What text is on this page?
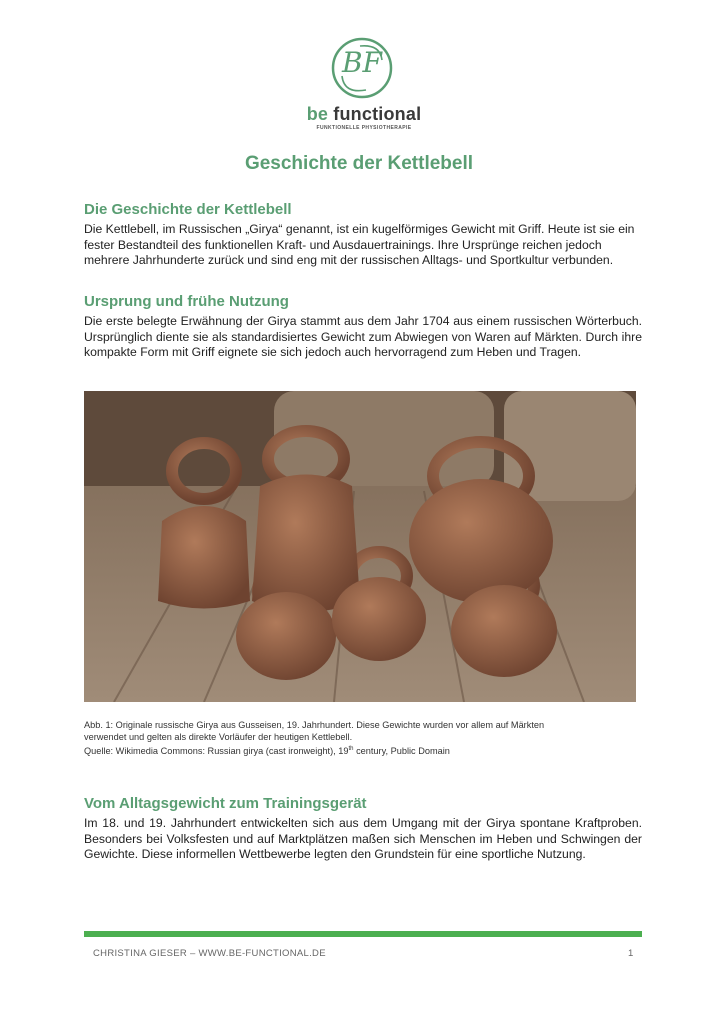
BF
be functional
FUNKTIONELLE PHYSIOTHERAPIE
Geschichte der Kettlebell
Die Geschichte der Kettlebell

Die Kettlebell, im Russischen „Girya“ genannt, ist ein kugelförmiges Gewicht mit Griff. Heute ist sie ein fester Bestandteil des funktionellen Kraft- und Ausdauertrainings. Ihre Ursprünge reichen jedoch mehrere Jahrhunderte zurück und sind eng mit der russischen Alltags- und Sportkultur verbunden.

Ursprung und frühe Nutzung

Die erste belegte Erwähnung der Girya stammt aus dem Jahr 1704 aus einem russischen Wörterbuch. Ursprünglich diente sie als standardisiertes Gewicht zum Abwiegen von Waren auf Märkten. Durch ihre kompakte Form mit Griff eignete sie sich jedoch auch hervorragend zum Heben und Tragen.

Abb. 1: Originale russische Girya aus Gusseisen, 19. Jahrhundert. Diese Gewichte wurden vor allem auf Märkten
verwendet und gelten als direkte Vorläufer der heutigen Kettlebell.
Quelle: Wikimedia Commons: Russian girya (cast ironweight), 19th century, Public Domain
Vom Alltagsgewicht zum Trainingsgerät

Im 18. und 19. Jahrhundert entwickelten sich aus dem Umgang mit der Girya spontane Kraftproben. Besonders bei Volksfesten und auf Marktplätzen maßen sich Menschen im Heben und Schwingen der Gewichte. Diese informellen Wettbewerbe legten den Grundstein für eine sportliche Nutzung.

CHRISTINA GIESER – WWW.BE-FUNCTIONAL.DE	1
